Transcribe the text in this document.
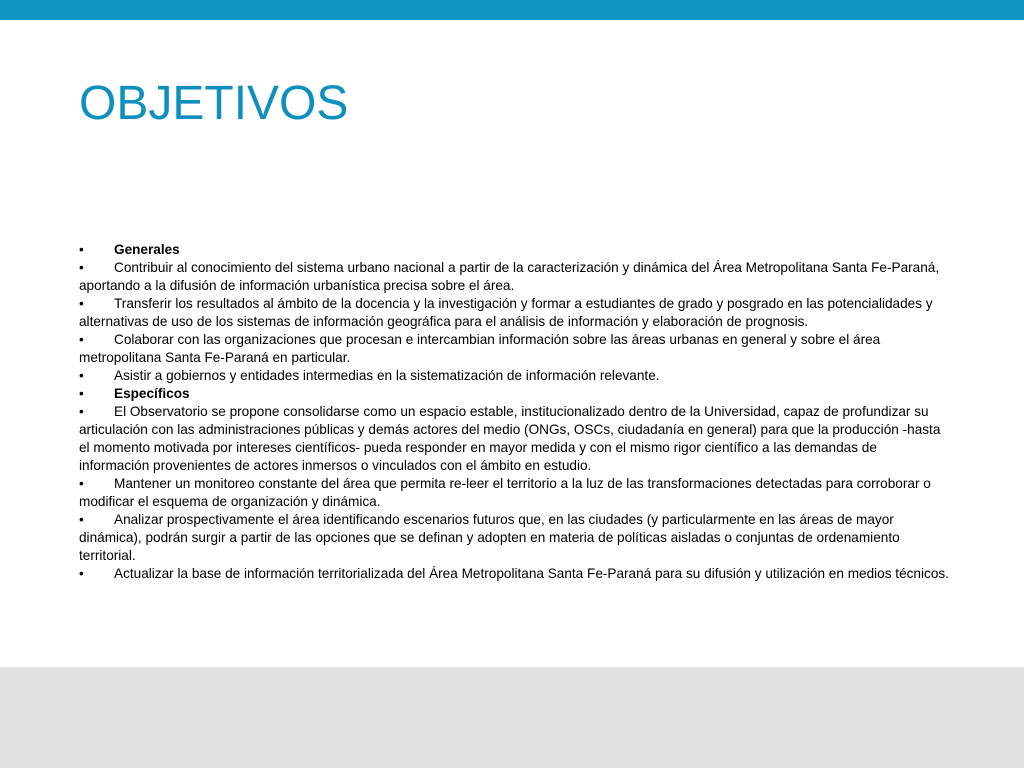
OBJETIVOS
• Generales
• Contribuir al conocimiento del sistema urbano nacional a partir de la caracterización y dinámica del Área Metropolitana Santa Fe-Paraná, aportando a la difusión de información urbanística precisa sobre el área.
• Transferir los resultados al ámbito de la docencia y la investigación y formar a estudiantes de grado y posgrado en las potencialidades y alternativas de uso de los sistemas de información geográfica para el análisis de información y elaboración de prognosis.
• Colaborar con las organizaciones que procesan e intercambian información sobre las áreas urbanas en general y sobre el área metropolitana Santa Fe-Paraná en particular.
• Asistir a gobiernos y entidades intermedias en la sistematización de información relevante.
• Específicos
• El Observatorio se propone consolidarse como un espacio estable, institucionalizado dentro de la Universidad, capaz de profundizar su articulación con las administraciones públicas y demás actores del medio (ONGs, OSCs, ciudadanía en general) para que la producción -hasta el momento motivada por intereses científicos- pueda responder en mayor medida y con el mismo rigor científico a las demandas de información provenientes de actores inmersos o vinculados con el ámbito en estudio.
• Mantener un monitoreo constante del área que permita re-leer el territorio a la luz de las transformaciones detectadas para corroborar o modificar el esquema de organización y dinámica.
• Analizar prospectivamente el área identificando escenarios futuros que, en las ciudades (y particularmente en las áreas de mayor dinámica), podrán surgir a partir de las opciones que se definan y adopten en materia de políticas aisladas o conjuntas de ordenamiento territorial.
• Actualizar la base de información territorializada del Área Metropolitana Santa Fe-Paraná para su difusión y utilización en medios técnicos.
